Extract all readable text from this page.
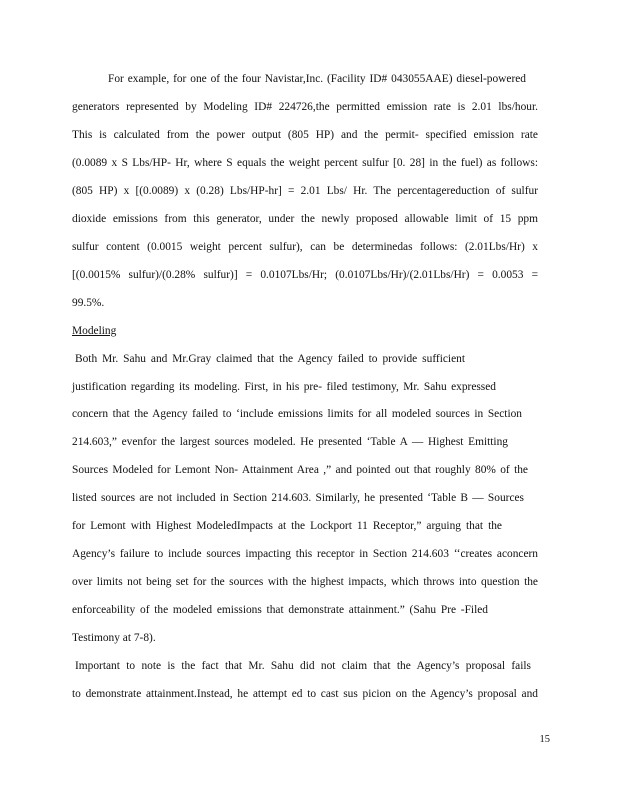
For example, for one of the four Navistar,Inc. (Facility ID# 043055AAE) diesel-powered
generators represented by Modeling ID# 224726,the permitted emission rate is 2.01 lbs/hour.
This is calculated from the power output (805 HP) and the permit- specified emission rate
(0.0089 x S Lbs/HP- Hr, where S equals the weight percent sulfur [0. 28] in the fuel) as follows:
(805 HP) x [(0.0089) x (0.28) Lbs/HP-hr] = 2.01 Lbs/ Hr. The percentagereduction of sulfur
dioxide emissions from this generator, under the newly proposed allowable limit of 15 ppm
sulfur content (0.0015 weight percent sulfur), can be determinedas follows: (2.01Lbs/Hr) x
[(0.0015% sulfur)/(0.28% sulfur)] = 0.0107Lbs/Hr; (0.0107Lbs/Hr)/(2.01Lbs/Hr) = 0.0053 =
99.5%.
Modeling
Both Mr. Sahu and Mr.Gray claimed that the Agency failed to provide sufficient
justification regarding its modeling. First, in his pre- filed testimony, Mr. Sahu expressed
concern that the Agency failed to ‘include emissions limits for all modeled sources in Section
214.603,” evenfor the largest sources modeled. He presented ‘Table A — Highest Emitting
Sources Modeled for Lemont Non- Attainment Area ,” and pointed out that roughly 80% of the
listed sources are not included in Section 214.603. Similarly, he presented ‘Table B — Sources
for Lemont with Highest ModeledImpacts at the Lockport 11 Receptor,” arguing that the
Agency’s failure to include sources impacting this receptor in Section 214.603 ‘‘creates aconcern
over limits not being set for the sources with the highest impacts, which throws into question the
enforceability of the modeled emissions that demonstrate attainment.” (Sahu Pre -Filed
Testimony at 7-8).
Important to note is the fact that Mr. Sahu did not claim that the Agency’s proposal fails
to demonstrate attainment.Instead, he attempt ed to cast sus picion on the Agency’s proposal and
15
